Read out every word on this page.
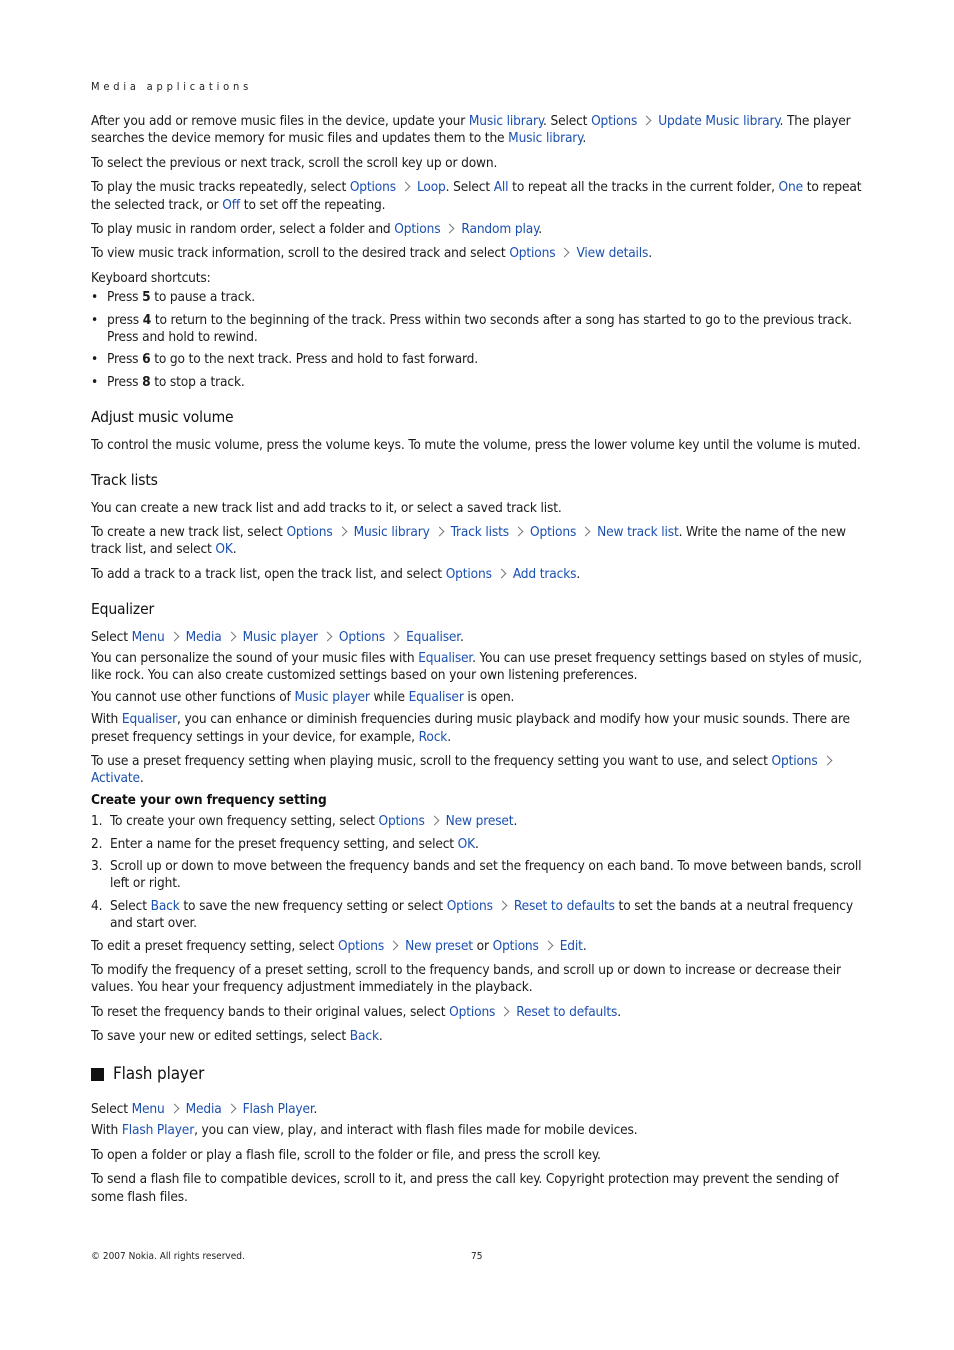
Media applications

After you add or remove music files in the device, update your Music library. Select Options Update Music library. The player searches the device memory for music files and updates them to the Music library.

To select the previous or next track, scroll the scroll key up or down.

To play the music tracks repeatedly, select Options Loop. Select All to repeat all the tracks in the current folder, One to repeat the selected track, or Off to set off the repeating.

To play music in random order, select a folder and Options Random play.

To view music track information, scroll to the desired track and select Options View details.

Keyboard shortcuts:

• Press 5 to pause a track.
• press 4 to return to the beginning of the track. Press within two seconds after a song has started to go to the previous track. Press and hold to rewind.
• Press 6 to go to the next track. Press and hold to fast forward.
• Press 8 to stop a track.
Adjust music volume

To control the music volume, press the volume keys. To mute the volume, press the lower volume key until the volume is muted.

Track lists

You can create a new track list and add tracks to it, or select a saved track list.

To create a new track list, select Options Music library Track lists Options New track list. Write the name of the new track list, and select OK.

To add a track to a track list, open the track list, and select Options Add tracks.

Equalizer

Select Menu Media Music player Options Equaliser.

You can personalize the sound of your music files with Equaliser. You can use preset frequency settings based on styles of music, like rock. You can also create customized settings based on your own listening preferences.

You cannot use other functions of Music player while Equaliser is open.

With Equaliser, you can enhance or diminish frequencies during music playback and modify how your music sounds. There are preset frequency settings in your device, for example, Rock.

To use a preset frequency setting when playing music, scroll to the frequency setting you want to use, and select OptionsActivate.

Create your own frequency setting
1. To create your own frequency setting, select Options New preset.
2. Enter a name for the preset frequency setting, and select OK.
3. Scroll up or down to move between the frequency bands and set the frequency on each band. To move between bands, scroll left or right.
4. Select Back to save the new frequency setting or select Options Reset to defaults to set the bands at a neutral frequency and start over.

To edit a preset frequency setting, select Options New preset or Options Edit.

To modify the frequency of a preset setting, scroll to the frequency bands, and scroll up or down to increase or decrease their values. You hear your frequency adjustment immediately in the playback.

To reset the frequency bands to their original values, select Options Reset to defaults.

To save your new or edited settings, select Back.

Flash player

Select Menu Media Flash Player.

With Flash Player, you can view, play, and interact with flash files made for mobile devices.

To open a folder or play a flash file, scroll to the folder or file, and press the scroll key.

To send a flash file to compatible devices, scroll to it, and press the call key. Copyright protection may prevent the sending of some flash files.

© 2007 Nokia. All rights reserved.	75
